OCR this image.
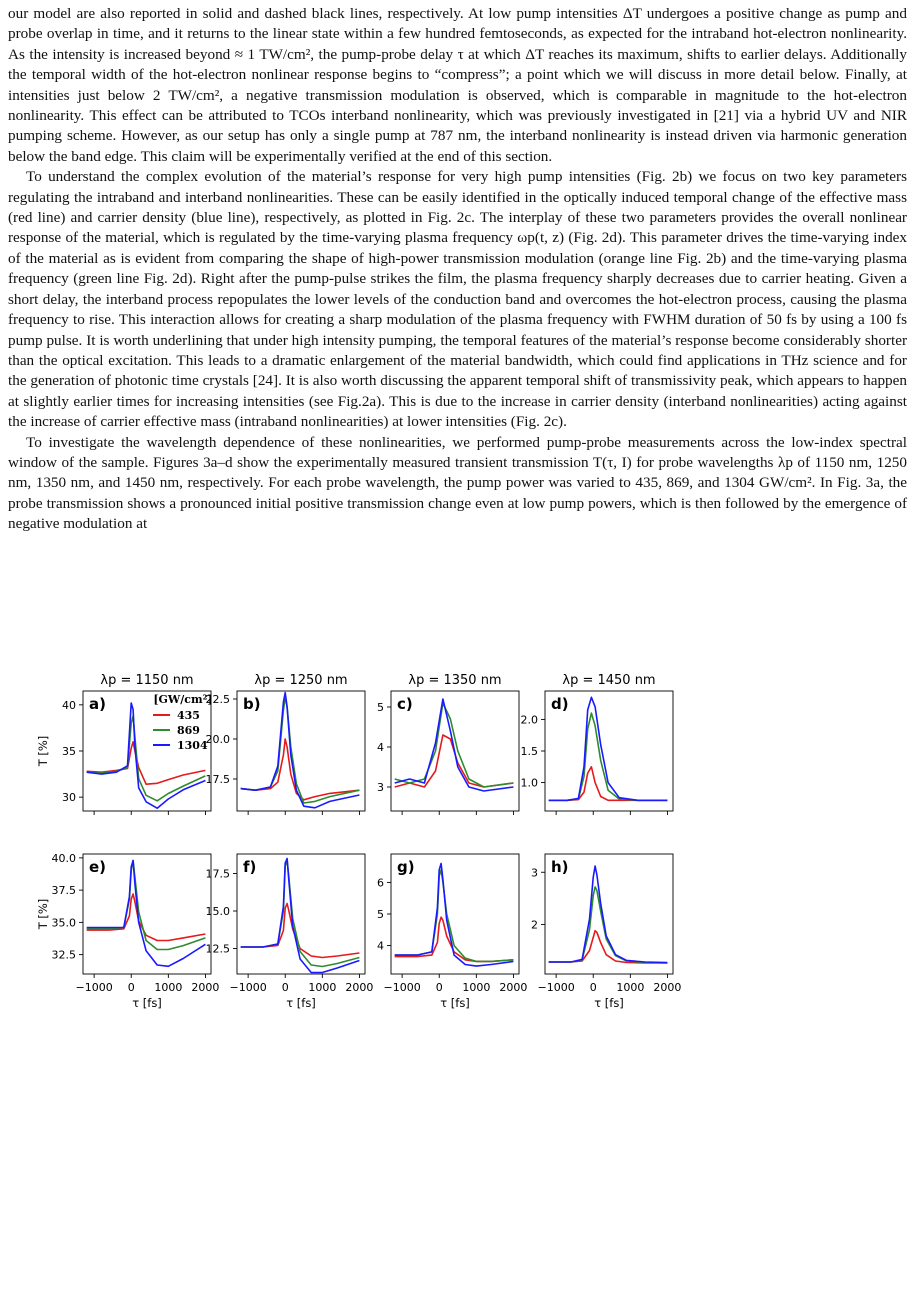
our model are also reported in solid and dashed black lines, respectively. At low pump intensities ΔT undergoes a positive change as pump and probe overlap in time, and it returns to the linear state within a few hundred femtoseconds, as expected for the intraband hot-electron nonlinearity. As the intensity is increased beyond ≈ 1 TW/cm², the pump-probe delay τ at which ΔT reaches its maximum, shifts to earlier delays. Additionally the temporal width of the hot-electron nonlinear response begins to “compress”; a point which we will discuss in more detail below. Finally, at intensities just below 2 TW/cm², a negative transmission modulation is observed, which is comparable in magnitude to the hot-electron nonlinearity. This effect can be attributed to TCOs interband nonlinearity, which was previously investigated in [21] via a hybrid UV and NIR pumping scheme. However, as our setup has only a single pump at 787 nm, the interband nonlinearity is instead driven via harmonic generation below the band edge. This claim will be experimentally verified at the end of this section.

To understand the complex evolution of the material’s response for very high pump intensities (Fig. 2b) we focus on two key parameters regulating the intraband and interband nonlinearities. These can be easily identified in the optically induced temporal change of the effective mass (red line) and carrier density (blue line), respectively, as plotted in Fig. 2c. The interplay of these two parameters provides the overall nonlinear response of the material, which is regulated by the time-varying plasma frequency ωp(t, z) (Fig. 2d). This parameter drives the time-varying index of the material as is evident from comparing the shape of high-power transmission modulation (orange line Fig. 2b) and the time-varying plasma frequency (green line Fig. 2d). Right after the pump-pulse strikes the film, the plasma frequency sharply decreases due to carrier heating. Given a short delay, the interband process repopulates the lower levels of the conduction band and overcomes the hot-electron process, causing the plasma frequency to rise. This interaction allows for creating a sharp modulation of the plasma frequency with FWHM duration of 50 fs by using a 100 fs pump pulse. It is worth underlining that under high intensity pumping, the temporal features of the material’s response become considerably shorter than the optical excitation. This leads to a dramatic enlargement of the material bandwidth, which could find applications in THz science and for the generation of photonic time crystals [24]. It is also worth discussing the apparent temporal shift of transmissivity peak, which appears to happen at slightly earlier times for increasing intensities (see Fig.2a). This is due to the increase in carrier density (interband nonlinearities) acting against the increase of carrier effective mass (intraband nonlinearities) at lower intensities (Fig. 2c).

To investigate the wavelength dependence of these nonlinearities, we performed pump-probe measurements across the low-index spectral window of the sample. Figures 3a–d show the experimentally measured transient transmission T(τ, I) for probe wavelengths λp of 1150 nm, 1250 nm, 1350 nm, and 1450 nm, respectively. For each probe wavelength, the pump power was varied to 435, 869, and 1304 GW/cm². In Fig. 3a, the probe transmission shows a pronounced initial positive transmission change even at low pump powers, which is then followed by the emergence of negative modulation at

λp = 1150 nm
a)
30
35
40
T [%]
[GW/cm²]
435
869
1304
λp = 1250 nm
b)
17.5
20.0
22.5
λp = 1350 nm
c)
3
4
5
λp = 1450 nm
d)
1.0
1.5
2.0
e)
32.5
35.0
37.5
40.0
−1000 0 1000 2000
τ [fs]
T [%]
f)
12.5
15.0
17.5
−1000 0 1000 2000
τ [fs]
g)
4
5
6
−1000 0 1000 2000
τ [fs]
h)
2
3
−1000 0 1000 2000
τ [fs]
